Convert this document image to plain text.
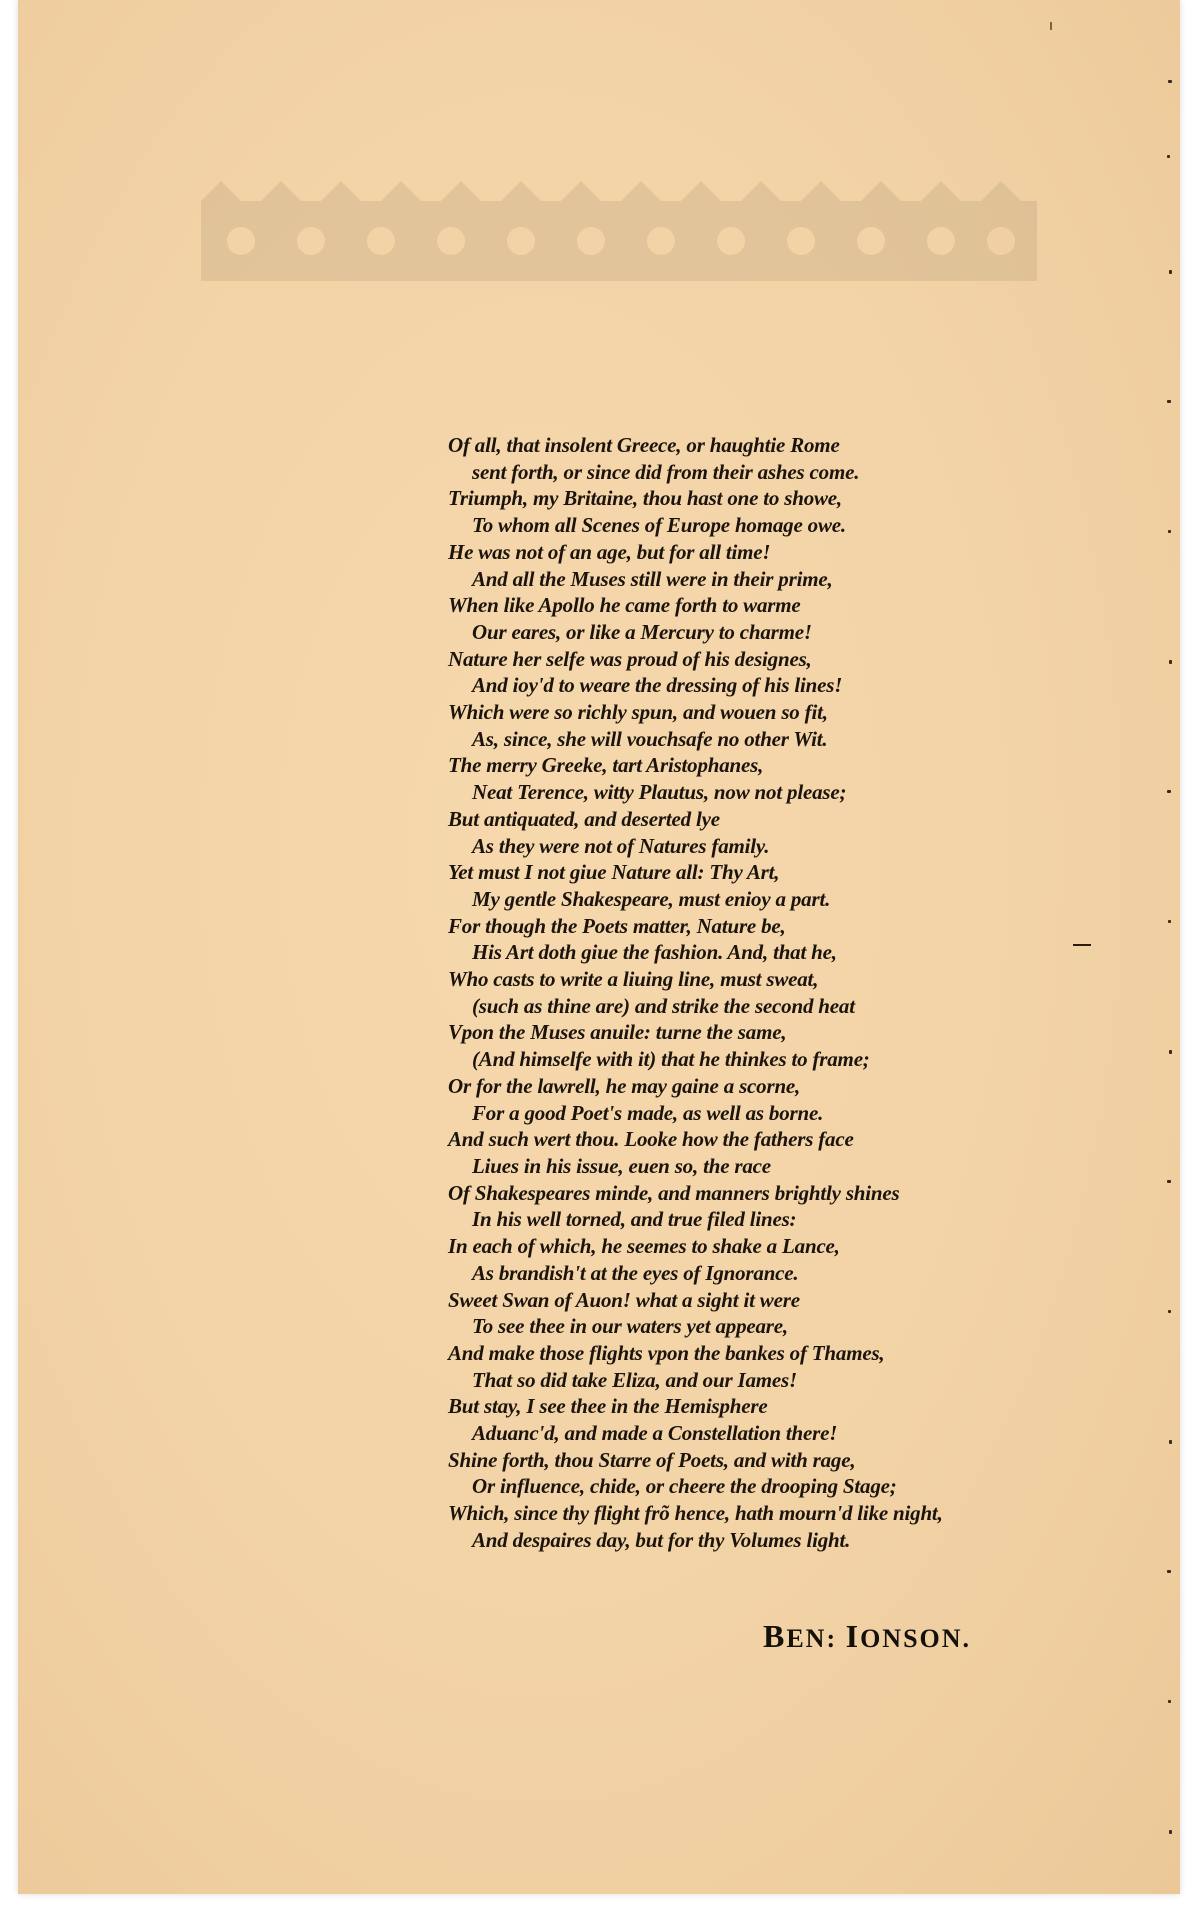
Of all, that insolent Greece, or haughtie Rome
sent forth, or since did from their ashes come.
Triumph, my Britaine, thou hast one to showe,
To whom all Scenes of Europe homage owe.
He was not of an age, but for all time!
And all the Muses still were in their prime,
When like Apollo he came forth to warme
Our eares, or like a Mercury to charme!
Nature her selfe was proud of his designes,
And ioy'd to weare the dressing of his lines!
Which were so richly spun, and wouen so fit,
As, since, she will vouchsafe no other Wit.
The merry Greeke, tart Aristophanes,
Neat Terence, witty Plautus, now not please;
But antiquated, and deserted lye
As they were not of Natures family.
Yet must I not giue Nature all: Thy Art,
My gentle Shakespeare, must enioy a part.
For though the Poets matter, Nature be,
His Art doth giue the fashion. And, that he,
Who casts to write a liuing line, must sweat,
(such as thine are) and strike the second heat
Vpon the Muses anuile: turne the same,
(And himselfe with it) that he thinkes to frame;
Or for the lawrell, he may gaine a scorne,
For a good Poet's made, as well as borne.
And such wert thou. Looke how the fathers face
Liues in his issue, euen so, the race
Of Shakespeares minde, and manners brightly shines
In his well torned, and true filed lines:
In each of which, he seemes to shake a Lance,
As brandish't at the eyes of Ignorance.
Sweet Swan of Auon! what a sight it were
To see thee in our waters yet appeare,
And make those flights vpon the bankes of Thames,
That so did take Eliza, and our Iames!
But stay, I see thee in the Hemisphere
Aduanc'd, and made a Constellation there!
Shine forth, thou Starre of Poets, and with rage,
Or influence, chide, or cheere the drooping Stage;
Which, since thy flight frõ hence, hath mourn'd like night,
And despaires day, but for thy Volumes light.
BEN: IONSON.
